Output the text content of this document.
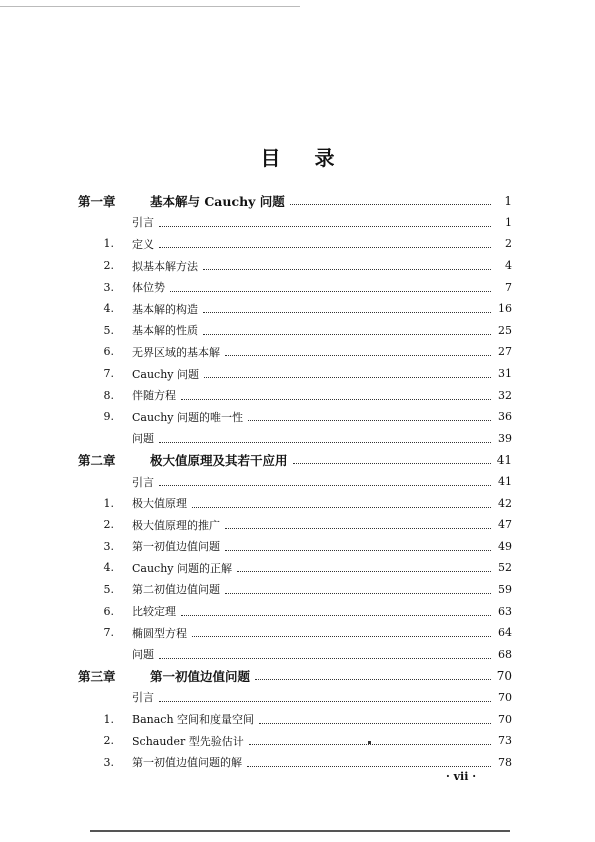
目录
第一章	基本解与 Cauchy 问题	1
引言	1
1. 定义	2
2. 拟基本解方法	4
3. 体位势	7
4. 基本解的构造	16
5. 基本解的性质	25
6. 无界区域的基本解	27
7. Cauchy 问题	31
8. 伴随方程	32
9. Cauchy 问题的唯一性	36
问题	39
第二章	极大值原理及其若干应用	41
引言	41
1. 极大值原理	42
2. 极大值原理的推广	47
3. 第一初值边值问题	49
4. Cauchy 问题的正解	52
5. 第二初值边值问题	59
6. 比较定理	63
7. 椭圆型方程	64
问题	68
第三章	第一初值边值问题	70
引言	70
1. Banach 空间和度量空间	70
2. Schauder 型先验估计	73
3. 第一初值边值问题的解	78
· vii ·
